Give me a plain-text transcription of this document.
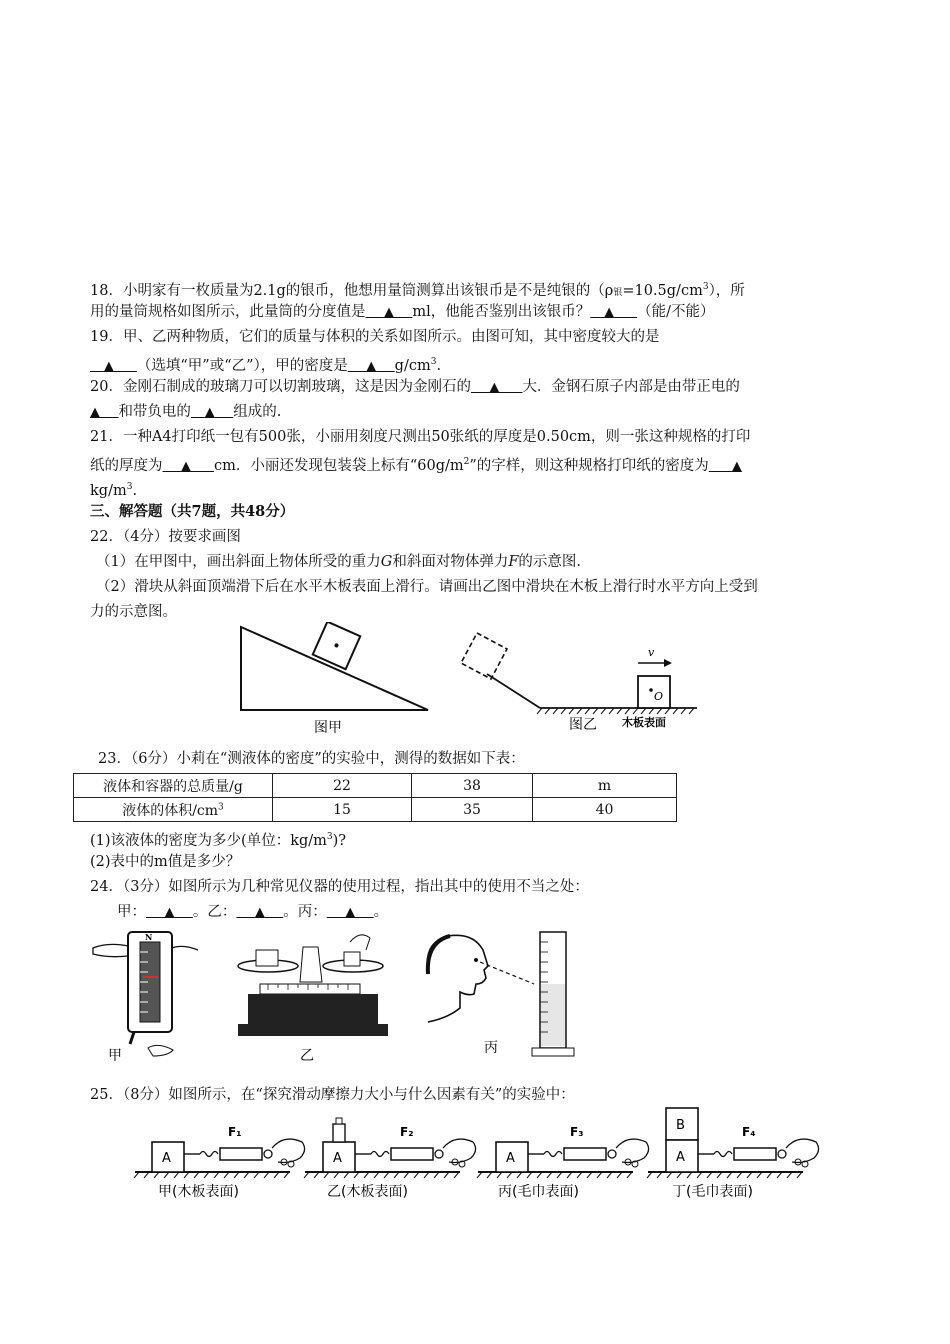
18．小明家有一枚质量为2.1g的银币，他想用量筒测算出该银币是不是纯银的（ρ银$=10.5g/cm^3$），所
用的量筒规格如图所示，此量筒的分度值是 ▲ ml，他能否鉴别出该银币？ ▲ （能/不能）
19．甲、乙两种物质，它们的质量与体积的关系如图所示。由图可知，其中密度较大的是
▲ （选填“甲”或“乙”），甲的密度是 ▲ $g/cm^3$.
20．金刚石制成的玻璃刀可以切割玻璃，这是因为金刚石的 ▲ 大．金钢石原子内部是由带正电的
▲ 和带负电的 ▲ 组成的.
21．一种A4打印纸一包有500张，小丽用刻度尺测出50张纸的厚度是0.50cm，则一张这种规格的打印
纸的厚度为 ▲ cm．小丽还发现包装袋上标有“$60g/m^2$”的字样，则这种规格打印纸的密度为 ▲
$kg/m^3$.
三、解答题（共7题，共48分）
22．（4分）按要求画图
（1）在甲图中，画出斜面上物体所受的重力G和斜面对物体弹力F的示意图.
（2）滑块从斜面顶端滑下后在水平木板表面上滑行。请画出乙图中滑块在木板上滑行时水平方向上受到
力的示意图。
图甲
O
v
图乙 木板表面
23．（6分）小莉在“测液体的密度”的实验中，测得的数据如下表：
液体和容器的总质量/g	22	38	m
液体的体积$/cm^3$	15	35	40
(1)该液体的密度为多少(单位：$kg/m^3$)?
(2)表中的m值是多少？
24．（3分）如图所示为几种常见仪器的使用过程，指出其中的使用不当之处：
甲： ▲ 。乙： ▲ 。丙： ▲ 。
N
甲	乙	丙
25．（8分）如图所示，在“探究滑动摩擦力大小与什么因素有关”的实验中：
A
F₁
甲(木板表面)
A
F₂
乙(木板表面)
A
F₃
丙(毛巾表面)
B
A
F₄
丁(毛巾表面)
